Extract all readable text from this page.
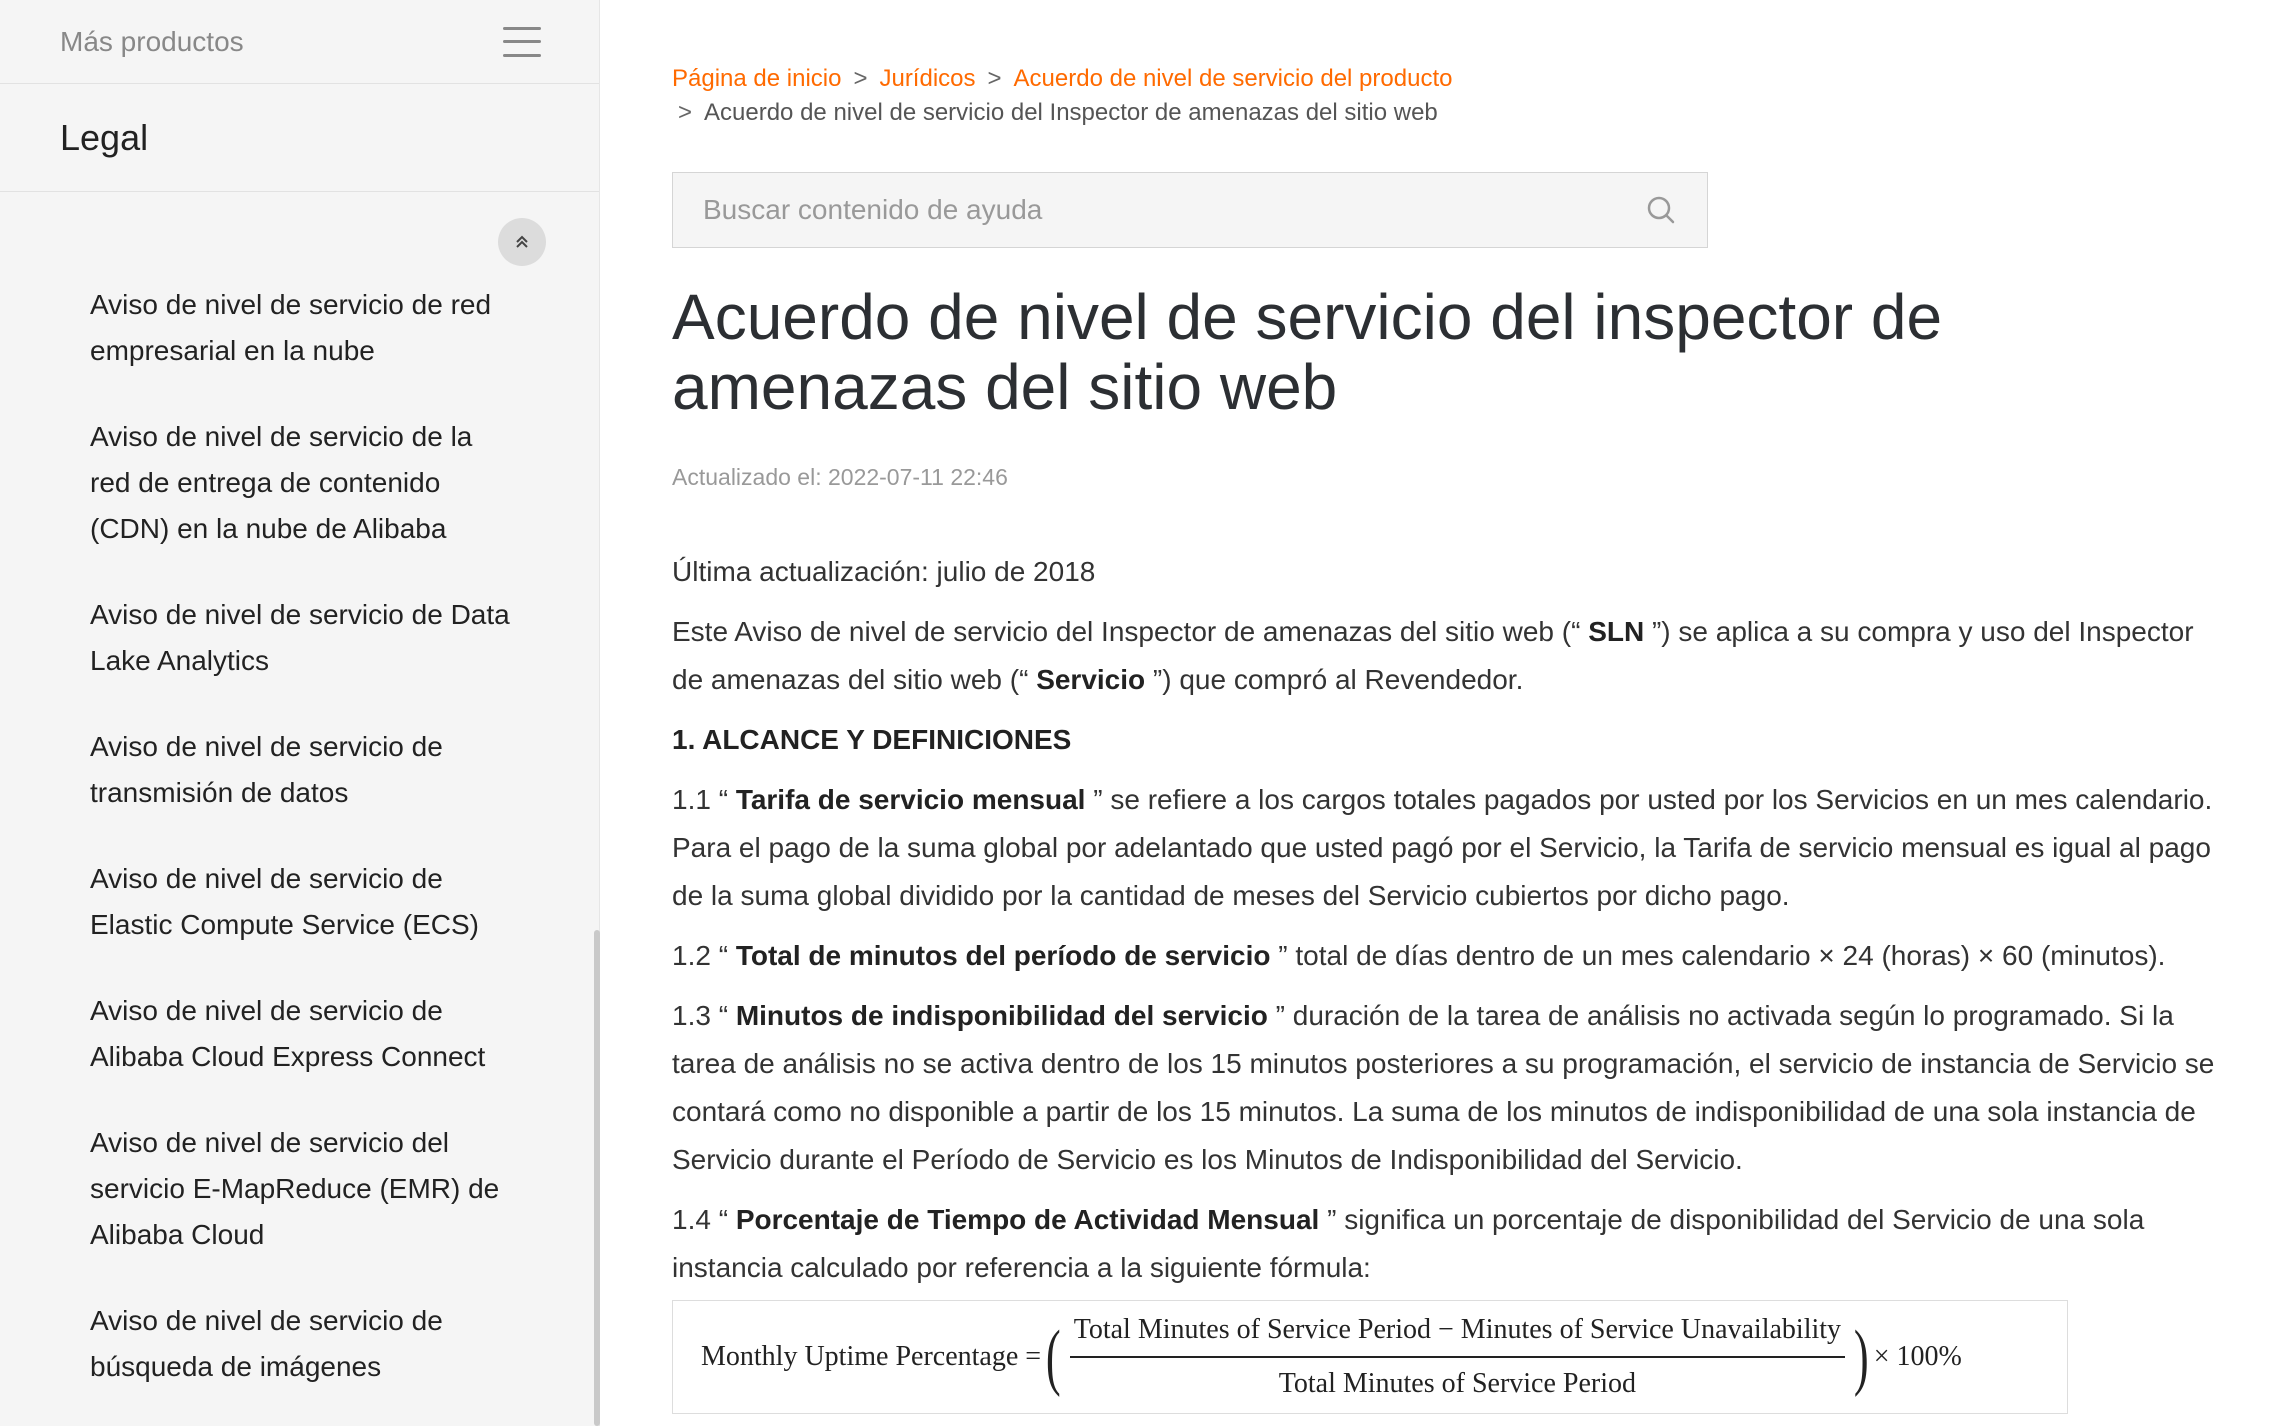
Más productos
Legal
Aviso de nivel de servicio de red empresarial en la nube
Aviso de nivel de servicio de la red de entrega de contenido (CDN) en la nube de Alibaba
Aviso de nivel de servicio de Data Lake Analytics
Aviso de nivel de servicio de transmisión de datos
Aviso de nivel de servicio de Elastic Compute Service (ECS)
Aviso de nivel de servicio de Alibaba Cloud Express Connect
Aviso de nivel de servicio del servicio E-MapReduce (EMR) de Alibaba Cloud
Aviso de nivel de servicio de búsqueda de imágenes
Página de inicio > Jurídicos > Acuerdo de nivel de servicio del producto
> Acuerdo de nivel de servicio del Inspector de amenazas del sitio web
Buscar contenido de ayuda
Acuerdo de nivel de servicio del inspector de amenazas del sitio web
Actualizado el: 2022-07-11 22:46

Última actualización: julio de 2018

Este Aviso de nivel de servicio del Inspector de amenazas del sitio web (“ SLN ”) se aplica a su compra y uso del Inspector de amenazas del sitio web (“ Servicio ”) que compró al Revendedor.

1. ALCANCE Y DEFINICIONES

1.1 “ Tarifa de servicio mensual ” se refiere a los cargos totales pagados por usted por los Servicios en un mes calendario. Para el pago de la suma global por adelantado que usted pagó por el Servicio, la Tarifa de servicio mensual es igual al pago de la suma global dividido por la cantidad de meses del Servicio cubiertos por dicho pago.

1.2 “ Total de minutos del período de servicio ” total de días dentro de un mes calendario × 24 (horas) × 60 (minutos).

1.3 “ Minutos de indisponibilidad del servicio ” duración de la tarea de análisis no activada según lo programado. Si la tarea de análisis no se activa dentro de los 15 minutos posteriores a su programación, el servicio de instancia de Servicio se contará como no disponible a partir de los 15 minutos. La suma de los minutos de indisponibilidad de una sola instancia de Servicio durante el Período de Servicio es los Minutos de Indisponibilidad del Servicio.

1.4 “ Porcentaje de Tiempo de Actividad Mensual ” significa un porcentaje de disponibilidad del Servicio de una sola instancia calculado por referencia a la siguiente fórmula:

Monthly Uptime Percentage = ( Total Minutes of Service Period − Minutes of Service Unavailability
Total Minutes of Service Period	) × 100%
